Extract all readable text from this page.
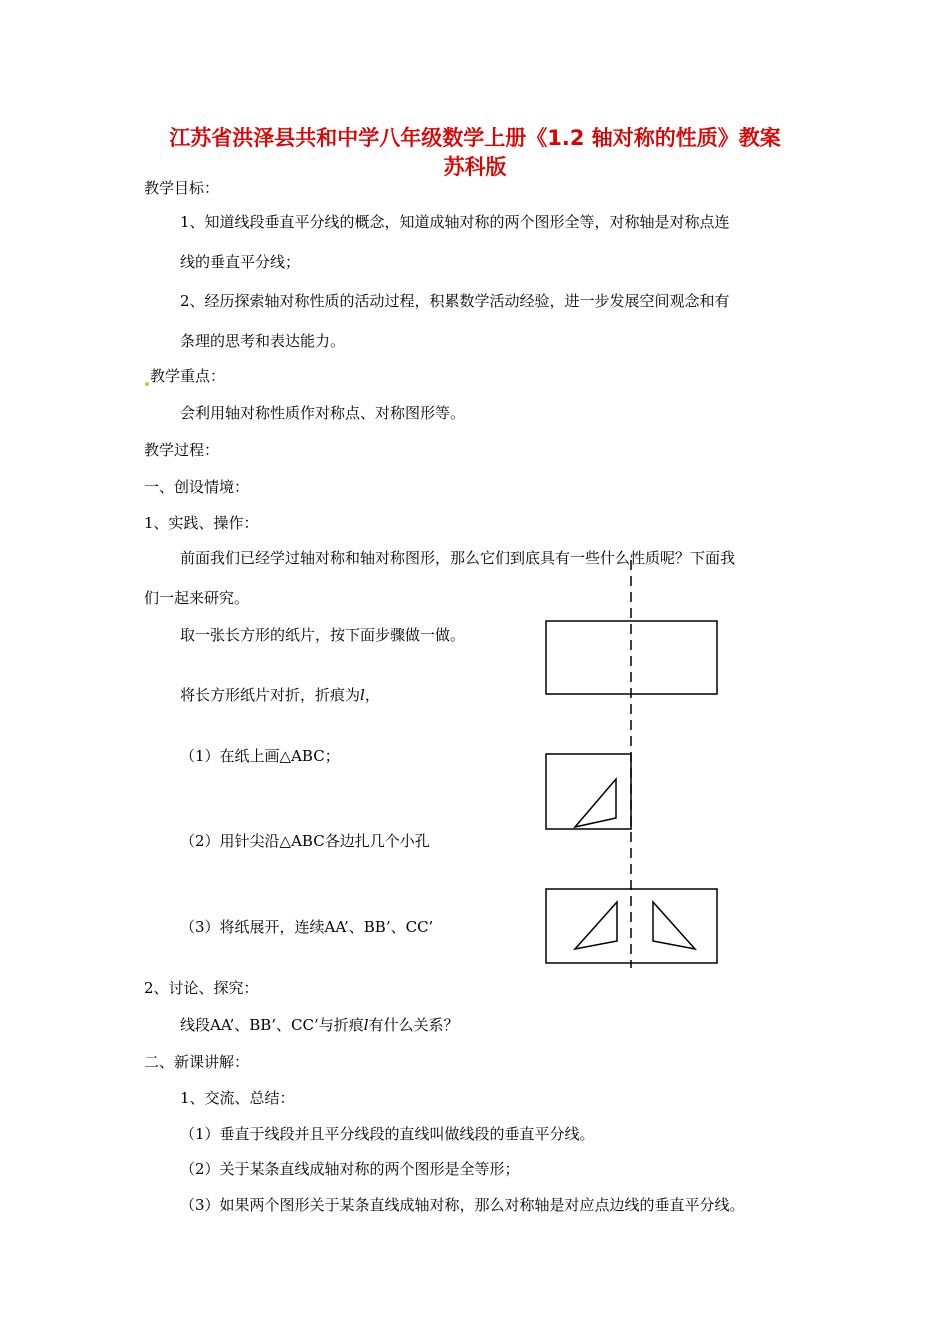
江苏省洪泽县共和中学八年级数学上册《1.2 轴对称的性质》教案
苏科版
教学目标：
1、知道线段垂直平分线的概念，知道成轴对称的两个图形全等，对称轴是对称点连
线的垂直平分线；
2、经历探索轴对称性质的活动过程，积累数学活动经验，进一步发展空间观念和有
条理的思考和表达能力。
教学重点：
会利用轴对称性质作对称点、对称图形等。
教学过程：
一、创设情境：
1、实践、操作：
前面我们已经学过轴对称和轴对称图形，那么它们到底具有一些什么性质呢？下面我
们一起来研究。
取一张长方形的纸片，按下面步骤做一做。
将长方形纸片对折，折痕为l，
（1）在纸上画△ABC；
（2）用针尖沿△ABC各边扎几个小孔
（3）将纸展开，连续AA’、BB’、CC’
2、讨论、探究：
线段AA’、BB’、CC’与折痕l有什么关系？
二、新课讲解：
1、交流、总结：
（1）垂直于线段并且平分线段的直线叫做线段的垂直平分线。
（2）关于某条直线成轴对称的两个图形是全等形；
（3）如果两个图形关于某条直线成轴对称，那么对称轴是对应点边线的垂直平分线。
